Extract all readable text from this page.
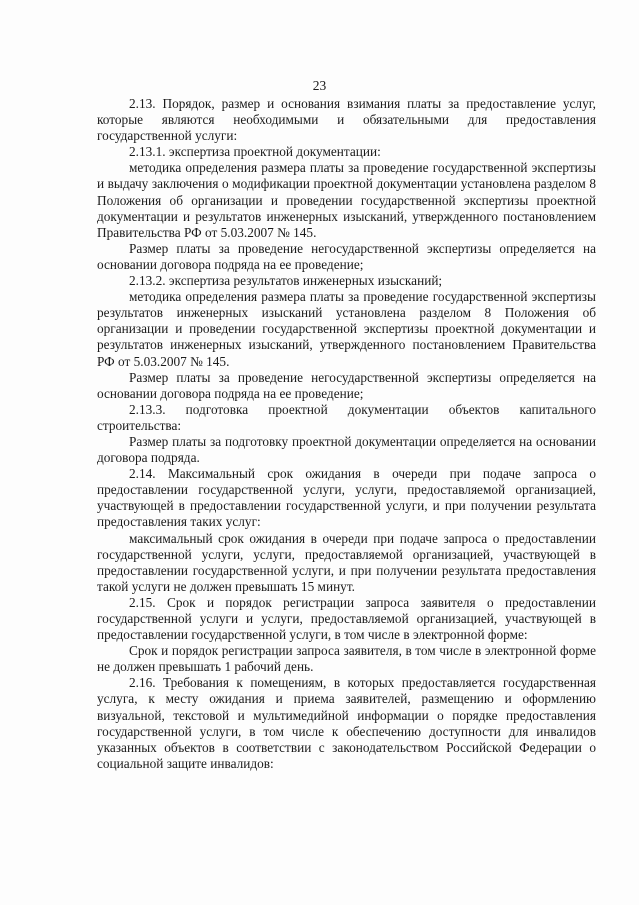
23

2.13. Порядок, размер и основания взимания платы за предоставление услуг, которые являются необходимыми и обязательными для предоставления государственной услуги:

2.13.1. экспертиза проектной документации:

методика определения размера платы за проведение государственной экспертизы и выдачу заключения о модификации проектной документации установлена разделом 8 Положения об организации и проведении государственной экспертизы проектной документации и результатов инженерных изысканий, утвержденного постановлением Правительства РФ от 5.03.2007 № 145.

Размер платы за проведение негосударственной экспертизы определяется на основании договора подряда на ее проведение;

2.13.2. экспертиза результатов инженерных изысканий;

методика определения размера платы за проведение государственной экспертизы результатов инженерных изысканий установлена разделом 8 Положения об организации и проведении государственной экспертизы проектной документации и результатов инженерных изысканий, утвержденного постановлением Правительства РФ от 5.03.2007 № 145.

Размер платы за проведение негосударственной экспертизы определяется на основании договора подряда на ее проведение;

2.13.3. подготовка проектной документации объектов капитального строительства:

Размер платы за подготовку проектной документации определяется на основании договора подряда.

2.14. Максимальный срок ожидания в очереди при подаче запроса о предоставлении государственной услуги, услуги, предоставляемой организацией, участвующей в предоставлении государственной услуги, и при получении результата предоставления таких услуг:

максимальный срок ожидания в очереди при подаче запроса о предоставлении государственной услуги, услуги, предоставляемой организацией, участвующей в предоставлении государственной услуги, и при получении результата предоставления такой услуги не должен превышать 15 минут.

2.15. Срок и порядок регистрации запроса заявителя о предоставлении государственной услуги и услуги, предоставляемой организацией, участвующей в предоставлении государственной услуги, в том числе в электронной форме:

Срок и порядок регистрации запроса заявителя, в том числе в электронной форме не должен превышать 1 рабочий день.

2.16. Требования к помещениям, в которых предоставляется государственная услуга, к месту ожидания и приема заявителей, размещению и оформлению визуальной, текстовой и мультимедийной информации о порядке предоставления государственной услуги, в том числе к обеспечению доступности для инвалидов указанных объектов в соответствии с законодательством Российской Федерации о социальной защите инвалидов:
